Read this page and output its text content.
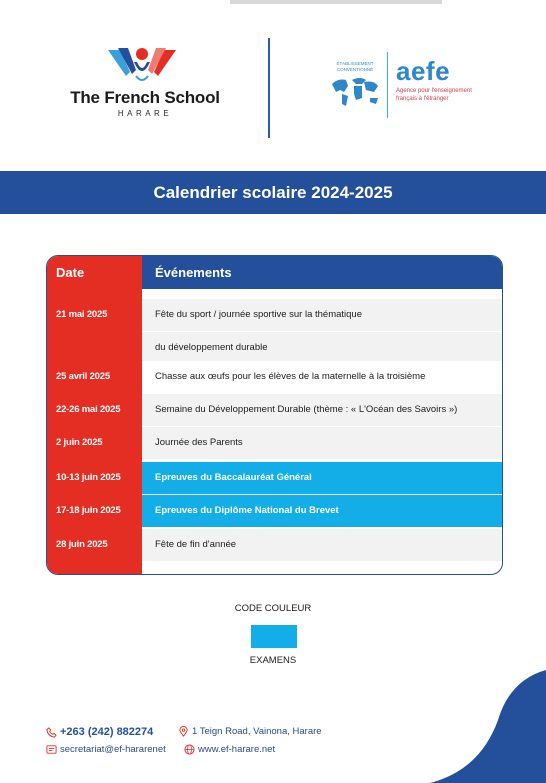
The French School
HARARE
ÉTABLISSEMENT CONVENTIONNÉ aefe
Agence pour l'enseignement français à l'étranger
Calendrier scolaire 2024-2025
Date	Événements
21 mai 2025	Fête du sport / journée sportive sur la thématique
du développement durable
25 avril 2025	Chasse aux œufs pour les élèves de la maternelle à la troisième
22-26 mai 2025	Semaine du Développement Durable (thème : « L'Océan des Savoirs »)
2 juin 2025	Journée des Parents
10-13 juin 2025	Epreuves du Baccalauréat Général
17-18 juin 2025	Epreuves du Diplôme National du Brevet
28 juin 2025	Fête de fin d'année
CODE COULEUR
EXAMENS
+263 (242) 882274	1 Teign Road, Vainona, Harare
secretariat@ef-hararenet	www.ef-harare.net
